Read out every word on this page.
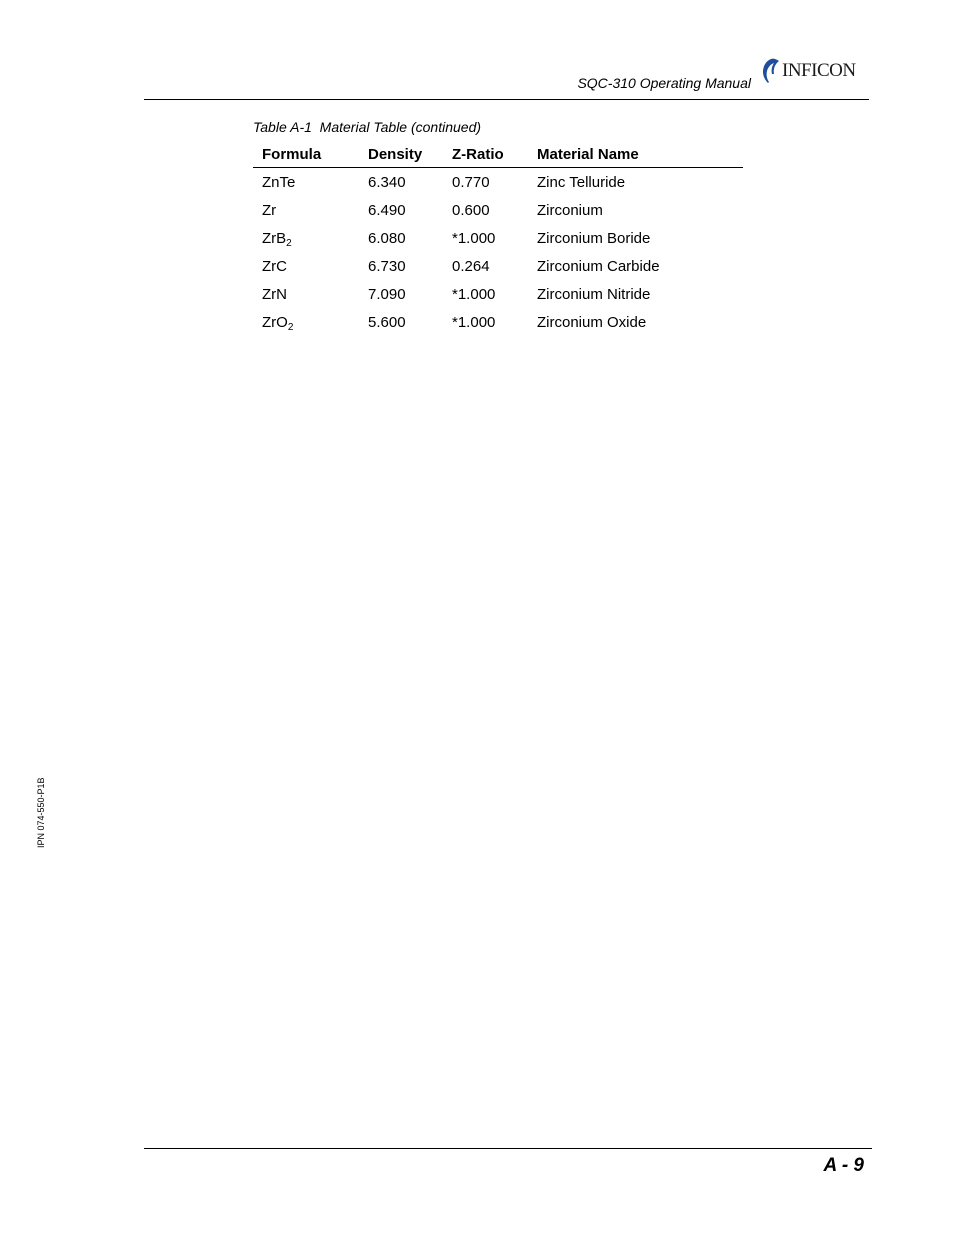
SQC-310 Operating Manual
INFICON
Table A-1  Material Table (continued)
Formula	Density	Z-Ratio	Material Name
ZnTe	6.340	0.770	Zinc Telluride
Zr	6.490	0.600	Zirconium
ZrB$_2$	6.080	*1.000	Zirconium Boride
ZrC	6.730	0.264	Zirconium Carbide
ZrN	7.090	*1.000	Zirconium Nitride
ZrO$_2$	5.600	*1.000	Zirconium Oxide
IPN 074-550-P1B
A - 9
